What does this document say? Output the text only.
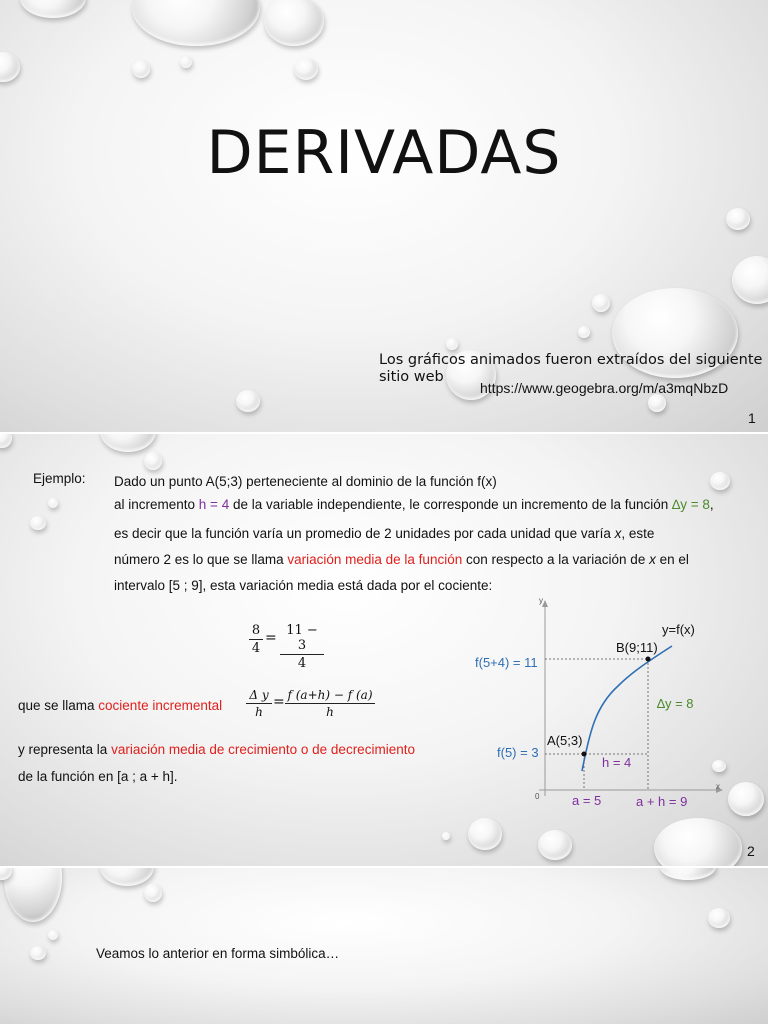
DERIVADAS
Los gráficos animados fueron extraídos del siguiente sitio web
https://www.geogebra.org/m/a3mqNbzD
1
Ejemplo: Dado un punto A(5;3) perteneciente al dominio de la función f(x)
al incremento h = 4 de la variable independiente, le corresponde un incremento de la función ∆y = 8,
es decir que la función varía un promedio de 2 unidades por cada unidad que varía x, este
número 2 es lo que se llama variación media de la función con respecto a la variación de x en el
intervalo [5 ; 9], esta variación media está dada por el cociente:
$\frac{8}{4} = \frac{11 - 3}{4}$
que se llama cociente incremental $\frac{\text{Δ y}}{h} = \frac{f (a+h) - f (a)}{h}$
y representa la variación media de crecimiento o de decrecimiento
de la función en [a ; a + h].
y
x
0
y=f(x)
B(9;11)
A(5;3)
f(5+4) = 11
f(5) = 3
∆y = 8
h = 4
a = 5	a + h = 9
2
Veamos lo anterior en forma simbólica…
